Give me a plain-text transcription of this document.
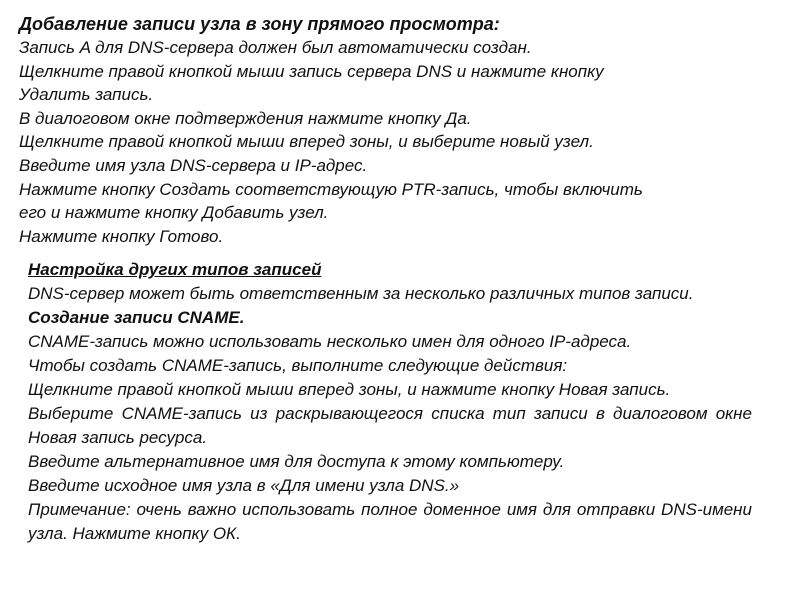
Добавление записи узла в зону прямого просмотра:

Запись A для DNS-сервера должен был автоматически создан.

Щелкните правой кнопкой мыши запись сервера DNS и нажмите кнопку

Удалить запись.

В диалоговом окне подтверждения нажмите кнопку Да.

Щелкните правой кнопкой мыши вперед зоны, и выберите новый узел.

Введите имя узла DNS-сервера и IP-адрес.

Нажмите кнопку Создать соответствующую PTR-запись, чтобы включить

его и нажмите кнопку Добавить узел.

Нажмите кнопку Готово.

Настройка других типов записей

DNS-сервер может быть ответственным за несколько различных типов записи.

Создание записи CNAME.

CNAME-запись можно использовать несколько имен для одного IP-адреса.

Чтобы создать CNAME-запись, выполните следующие действия:

Щелкните правой кнопкой мыши вперед зоны, и нажмите кнопку Новая запись.

Выберите CNAME-запись из раскрывающегося списка тип записи в диалоговом окне Новая запись ресурса.

Введите альтернативное имя для доступа к этому компьютеру.

Введите исходное имя узла в «Для имени узла DNS.»

Примечание: очень важно использовать полное доменное имя для отправки DNS-имени узла. Нажмите кнопку ОК.
